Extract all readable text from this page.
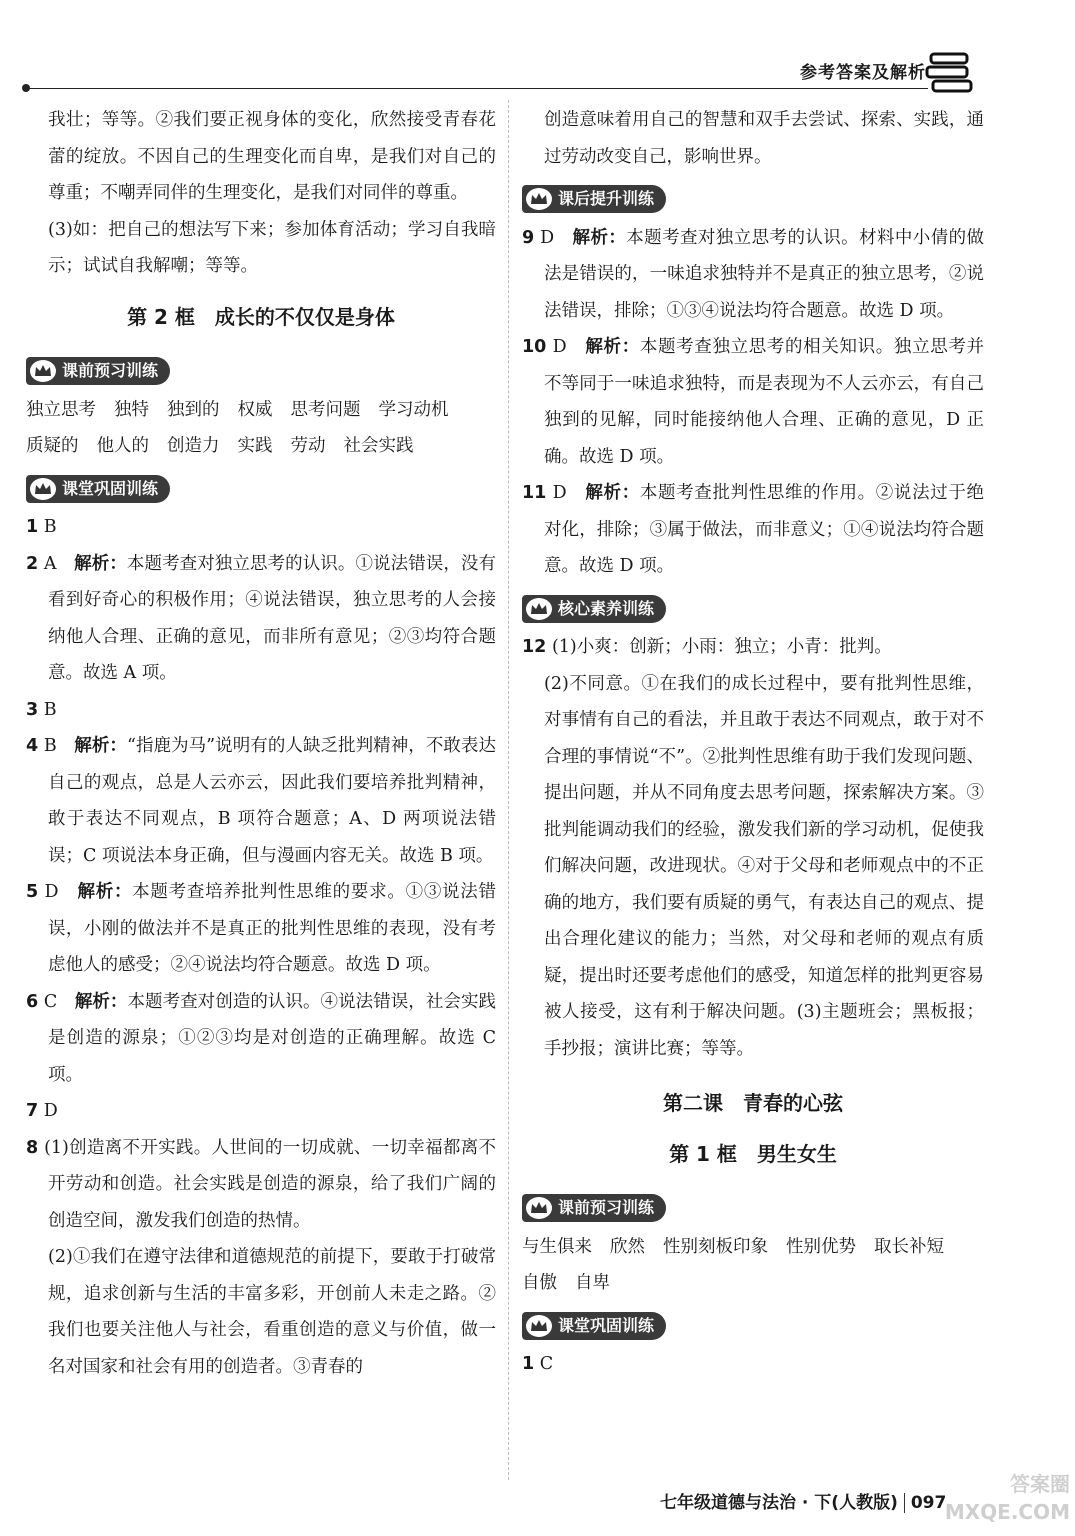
参考答案及解析

我壮；等等。②我们要正视身体的变化，欣然接受青春花蕾的绽放。不因自己的生理变化而自卑，是我们对自己的尊重；不嘲弄同伴的生理变化，是我们对同伴的尊重。

(3)如：把自己的想法写下来；参加体育活动；学习自我暗示；试试自我解嘲；等等。

第 2 框　成长的不仅仅是身体
课前预习训练

独立思考 独特 独到的 权威 思考问题 学习动机

质疑的 他人的 创造力 实践 劳动 社会实践

课堂巩固训练

1 B

2 A　 解析：本题考查对独立思考的认识。①说法错误，没有看到好奇心的积极作用；④说法错误，独立思考的人会接纳他人合理、正确的意见，而非所有意见；②③均符合题意。故选 A 项。

3 B

4 B　 解析：“指鹿为马”说明有的人缺乏批判精神，不敢表达自己的观点，总是人云亦云，因此我们要培养批判精神，敢于表达不同观点，B 项符合题意；A、D 两项说法错误；C 项说法本身正确，但与漫画内容无关。故选 B 项。

5 D　 解析：本题考查培养批判性思维的要求。①③说法错误，小刚的做法并不是真正的批判性思维的表现，没有考虑他人的感受；②④说法均符合题意。故选 D 项。

6 C　 解析：本题考查对创造的认识。④说法错误，社会实践是创造的源泉；①②③均是对创造的正确理解。故选 C 项。

7 D

8 (1)创造离不开实践。人世间的一切成就、一切幸福都离不开劳动和创造。社会实践是创造的源泉，给了我们广阔的创造空间，激发我们创造的热情。

(2)①我们在遵守法律和道德规范的前提下，要敢于打破常规，追求创新与生活的丰富多彩，开创前人未走之路。②我们也要关注他人与社会，看重创造的意义与价值，做一名对国家和社会有用的创造者。③青春的

创造意味着用自己的智慧和双手去尝试、探索、实践，通过劳动改变自己，影响世界。

课后提升训练

9 D　 解析：本题考查对独立思考的认识。材料中小倩的做法是错误的，一味追求独特并不是真正的独立思考，②说法错误，排除；①③④说法均符合题意。故选 D 项。

10 D　 解析：本题考查独立思考的相关知识。独立思考并不等同于一味追求独特，而是表现为不人云亦云，有自己独到的见解，同时能接纳他人合理、正确的意见，D 正确。故选 D 项。

11 D　 解析：本题考查批判性思维的作用。②说法过于绝对化，排除；③属于做法，而非意义；①④说法均符合题意。故选 D 项。

核心素养训练

12 (1)小爽：创新；小雨：独立；小青：批判。

(2)不同意。①在我们的成长过程中，要有批判性思维，对事情有自己的看法，并且敢于表达不同观点，敢于对不合理的事情说“不”。②批判性思维有助于我们发现问题、提出问题，并从不同角度去思考问题，探索解决方案。③批判能调动我们的经验，激发我们新的学习动机，促使我们解决问题，改进现状。④对于父母和老师观点中的不正确的地方，我们要有质疑的勇气，有表达自己的观点、提出合理化建议的能力；当然，对父母和老师的观点有质疑，提出时还要考虑他们的感受，知道怎样的批判更容易被人接受，这有利于解决问题。(3)主题班会；黑板报；手抄报；演讲比赛；等等。

第二课　青春的心弦
第 1 框　男生女生
课前预习训练

与生俱来 欣然 性别刻板印象 性别优势 取长补短

自傲 自卑

课堂巩固训练

1 C

七年级道德与法治 · 下(人教版) 097
答案圈
MXQE.COM
